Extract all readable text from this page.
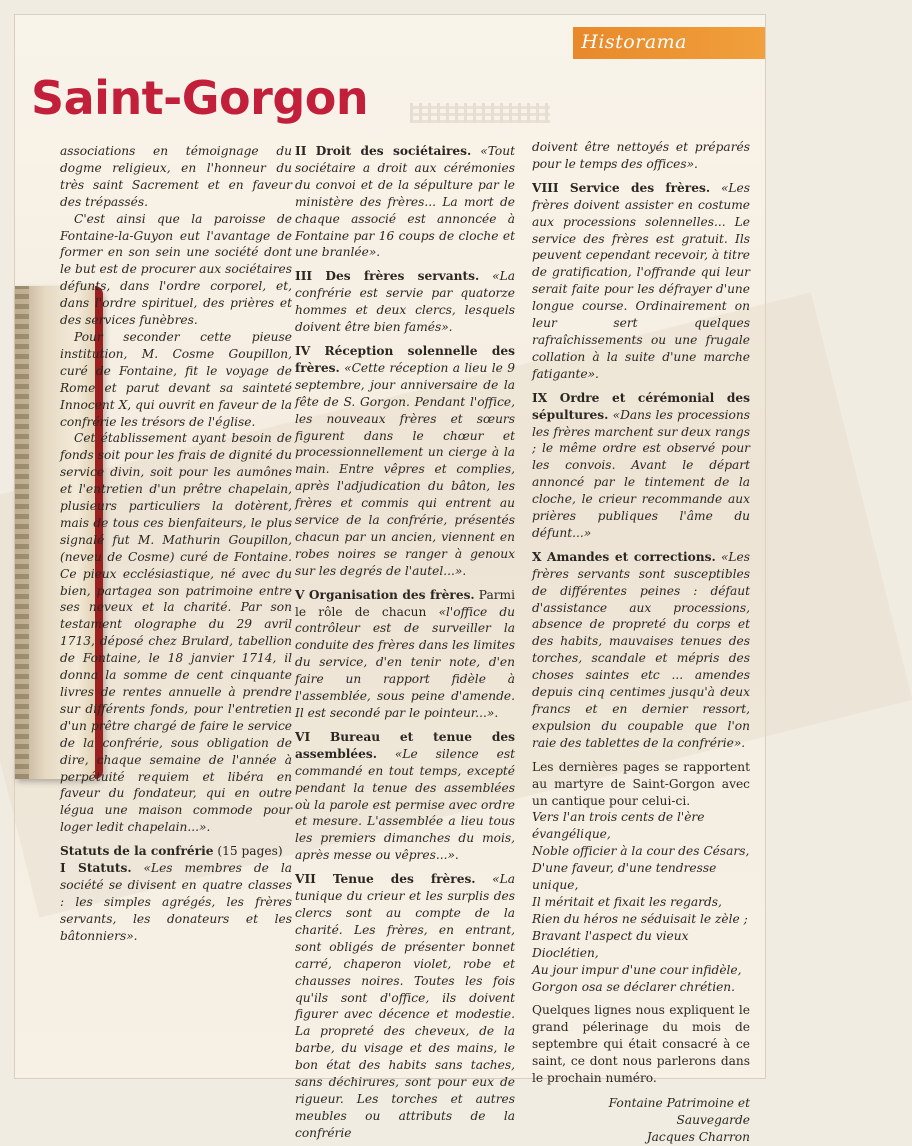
Historama
Saint-Gorgon

associations en témoignage du dogme religieux, en l'honneur du très saint Sacrement et en faveur des trépassés.

C'est ainsi que la paroisse de Fontaine-la-Guyon eut l'avantage de former en son sein une société dont le but est de procurer aux sociétaires défunts, dans l'ordre corporel, et, dans l'ordre spirituel, des prières et des services funèbres.

Pour seconder cette pieuse institution, M. Cosme Goupillon, curé de Fontaine, fit le voyage de Rome et parut devant sa sainteté Innocent X, qui ouvrit en faveur de la confrérie les trésors de l'église.

Cet établissement ayant besoin de fonds soit pour les frais de dignité du service divin, soit pour les aumônes et l'entretien d'un prêtre chapelain, plusieurs particuliers la dotèrent, mais de tous ces bienfaiteurs, le plus signalé fut M. Mathurin Goupillon, (neveu de Cosme) curé de Fontaine. Ce pieux ecclésiastique, né avec du bien, partagea son patrimoine entre ses neveux et la charité. Par son testament olographe du 29 avril 1713, déposé chez Brulard, tabellion de Fontaine, le 18 janvier 1714, il donna la somme de cent cinquante livres de rentes annuelle à prendre sur différents fonds, pour l'entretien d'un prêtre chargé de faire le service de la confrérie, sous obligation de dire, chaque semaine de l'année à perpétuité requiem et libéra en faveur du fondateur, qui en outre légua une maison commode pour loger ledit chapelain...».

Statuts de la confrérie (15 pages)

I Statuts. «Les membres de la société se divisent en quatre classes : les simples agrégés, les frères servants, les donateurs et les bâtonniers».

II Droit des sociétaires. «Tout sociétaire a droit aux cérémonies du convoi et de la sépulture par le ministère des frères... La mort de chaque associé est annoncée à Fontaine par 16 coups de cloche et une branlée».

III Des frères servants. «La confrérie est servie par quatorze hommes et deux clercs, lesquels doivent être bien famés».

IV Réception solennelle des frères. «Cette réception a lieu le 9 septembre, jour anniversaire de la fête de S. Gorgon. Pendant l'office, les nouveaux frères et sœurs figurent dans le chœur et processionnellement un cierge à la main. Entre vêpres et complies, après l'adjudication du bâton, les frères et commis qui entrent au service de la confrérie, présentés chacun par un ancien, viennent en robes noires se ranger à genoux sur les degrés de l'autel...».

V Organisation des frères. Parmi le rôle de chacun «l'office du contrôleur est de surveiller la conduite des frères dans les limites du service, d'en tenir note, d'en faire un rapport fidèle à l'assemblée, sous peine d'amende. Il est secondé par le pointeur...».

VI Bureau et tenue des assemblées. «Le silence est commandé en tout temps, excepté pendant la tenue des assemblées où la parole est permise avec ordre et mesure. L'assemblée a lieu tous les premiers dimanches du mois, après messe ou vêpres...».

VII Tenue des frères. «La tunique du crieur et les surplis des clercs sont au compte de la charité. Les frères, en entrant, sont obligés de présenter bonnet carré, chaperon violet, robe et chausses noires. Toutes les fois qu'ils sont d'office, ils doivent figurer avec décence et modestie. La propreté des cheveux, de la barbe, du visage et des mains, le bon état des habits sans taches, sans déchirures, sont pour eux de rigueur. Les torches et autres meubles ou attributs de la confrérie

doivent être nettoyés et préparés pour le temps des offices».

VIII Service des frères. «Les frères doivent assister en costume aux processions solennelles... Le service des frères est gratuit. Ils peuvent cependant recevoir, à titre de gratification, l'offrande qui leur serait faite pour les défrayer d'une longue course. Ordinairement on leur sert quelques rafraîchissements ou une frugale collation à la suite d'une marche fatigante».

IX Ordre et cérémonial des sépultures. «Dans les processions les frères marchent sur deux rangs ; le même ordre est observé pour les convois. Avant le départ annoncé par le tintement de la cloche, le crieur recommande aux prières publiques l'âme du défunt...»

X Amandes et corrections. «Les frères servants sont susceptibles de différentes peines : défaut d'assistance aux processions, absence de propreté du corps et des habits, mauvaises tenues des torches, scandale et mépris des choses saintes etc ... amendes depuis cinq centimes jusqu'à deux francs et en dernier ressort, expulsion du coupable que l'on raie des tablettes de la confrérie».

Les dernières pages se rapportent au martyre de Saint-Gorgon avec un cantique pour celui-ci.

Vers l'an trois cents de l'ère évangélique,

Noble officier à la cour des Césars,

D'une faveur, d'une tendresse unique,

Il méritait et fixait les regards,

Rien du héros ne séduisait le zèle ;

Bravant l'aspect du vieux Dioclétien,

Au jour impur d'une cour infidèle,

Gorgon osa se déclarer chrétien.

Quelques lignes nous expliquent le grand pélerinage du mois de septembre qui était consacré à ce saint, ce dont nous parlerons dans le prochain numéro.

Fontaine Patrimoine et Sauvegarde

Jacques Charron
